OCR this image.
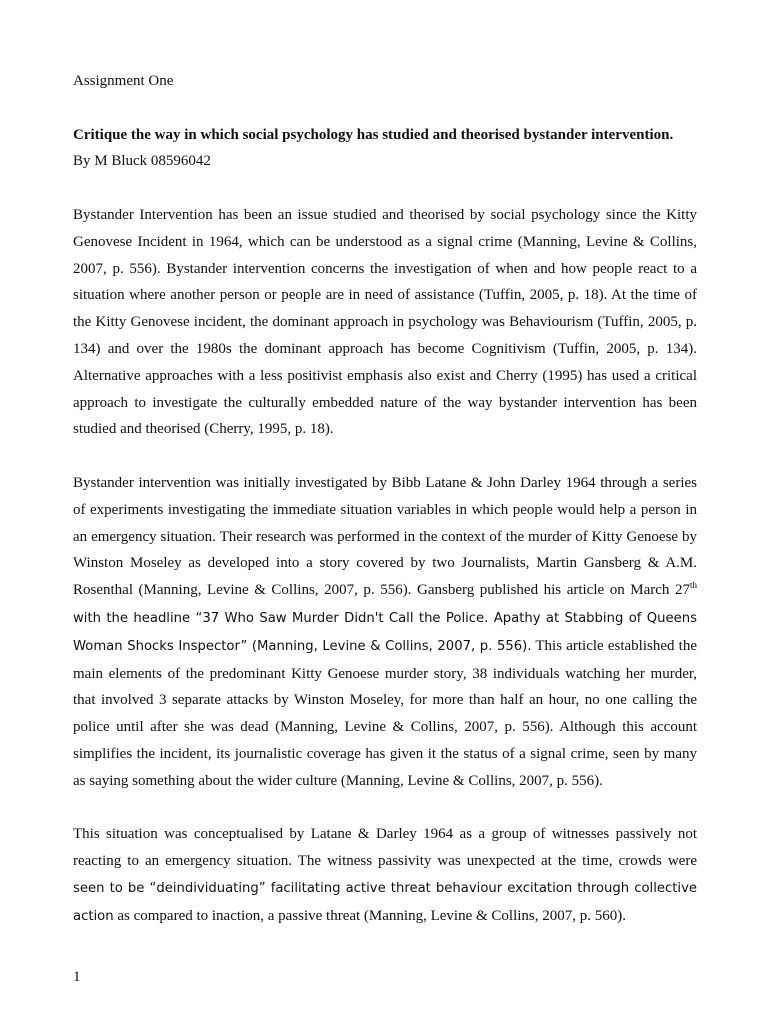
Assignment One

Critique the way in which social psychology has studied and theorised bystander intervention.

By M Bluck 08596042

Bystander Intervention has been an issue studied and theorised by social psychology since the Kitty Genovese Incident in 1964, which can be understood as a signal crime (Manning, Levine & Collins, 2007, p. 556). Bystander intervention concerns the investigation of when and how people react to a situation where another person or people are in need of assistance (Tuffin, 2005, p. 18). At the time of the Kitty Genovese incident, the dominant approach in psychology was Behaviourism (Tuffin, 2005, p. 134) and over the 1980s the dominant approach has become Cognitivism (Tuffin, 2005, p. 134). Alternative approaches with a less positivist emphasis also exist and Cherry (1995) has used a critical approach to investigate the culturally embedded nature of the way bystander intervention has been studied and theorised (Cherry, 1995, p. 18).

Bystander intervention was initially investigated by Bibb Latane & John Darley 1964 through a series of experiments investigating the immediate situation variables in which people would help a person in an emergency situation. Their research was performed in the context of the murder of Kitty Genoese by Winston Moseley as developed into a story covered by two Journalists, Martin Gansberg & A.M. Rosenthal (Manning, Levine & Collins, 2007, p. 556). Gansberg published his article on March 27th with the headline “37 Who Saw Murder Didn't Call the Police. Apathy at Stabbing of Queens Woman Shocks Inspector” (Manning, Levine & Collins, 2007, p. 556). This article established the main elements of the predominant Kitty Genoese murder story, 38 individuals watching her murder, that involved 3 separate attacks by Winston Moseley, for more than half an hour, no one calling the police until after she was dead (Manning, Levine & Collins, 2007, p. 556). Although this account simplifies the incident, its journalistic coverage has given it the status of a signal crime, seen by many as saying something about the wider culture (Manning, Levine & Collins, 2007, p. 556).

This situation was conceptualised by Latane & Darley 1964 as a group of witnesses passively not reacting to an emergency situation. The witness passivity was unexpected at the time, crowds were seen to be “deindividuating” facilitating active threat behaviour excitation through collective action as compared to inaction, a passive threat (Manning, Levine & Collins, 2007, p. 560).

1
